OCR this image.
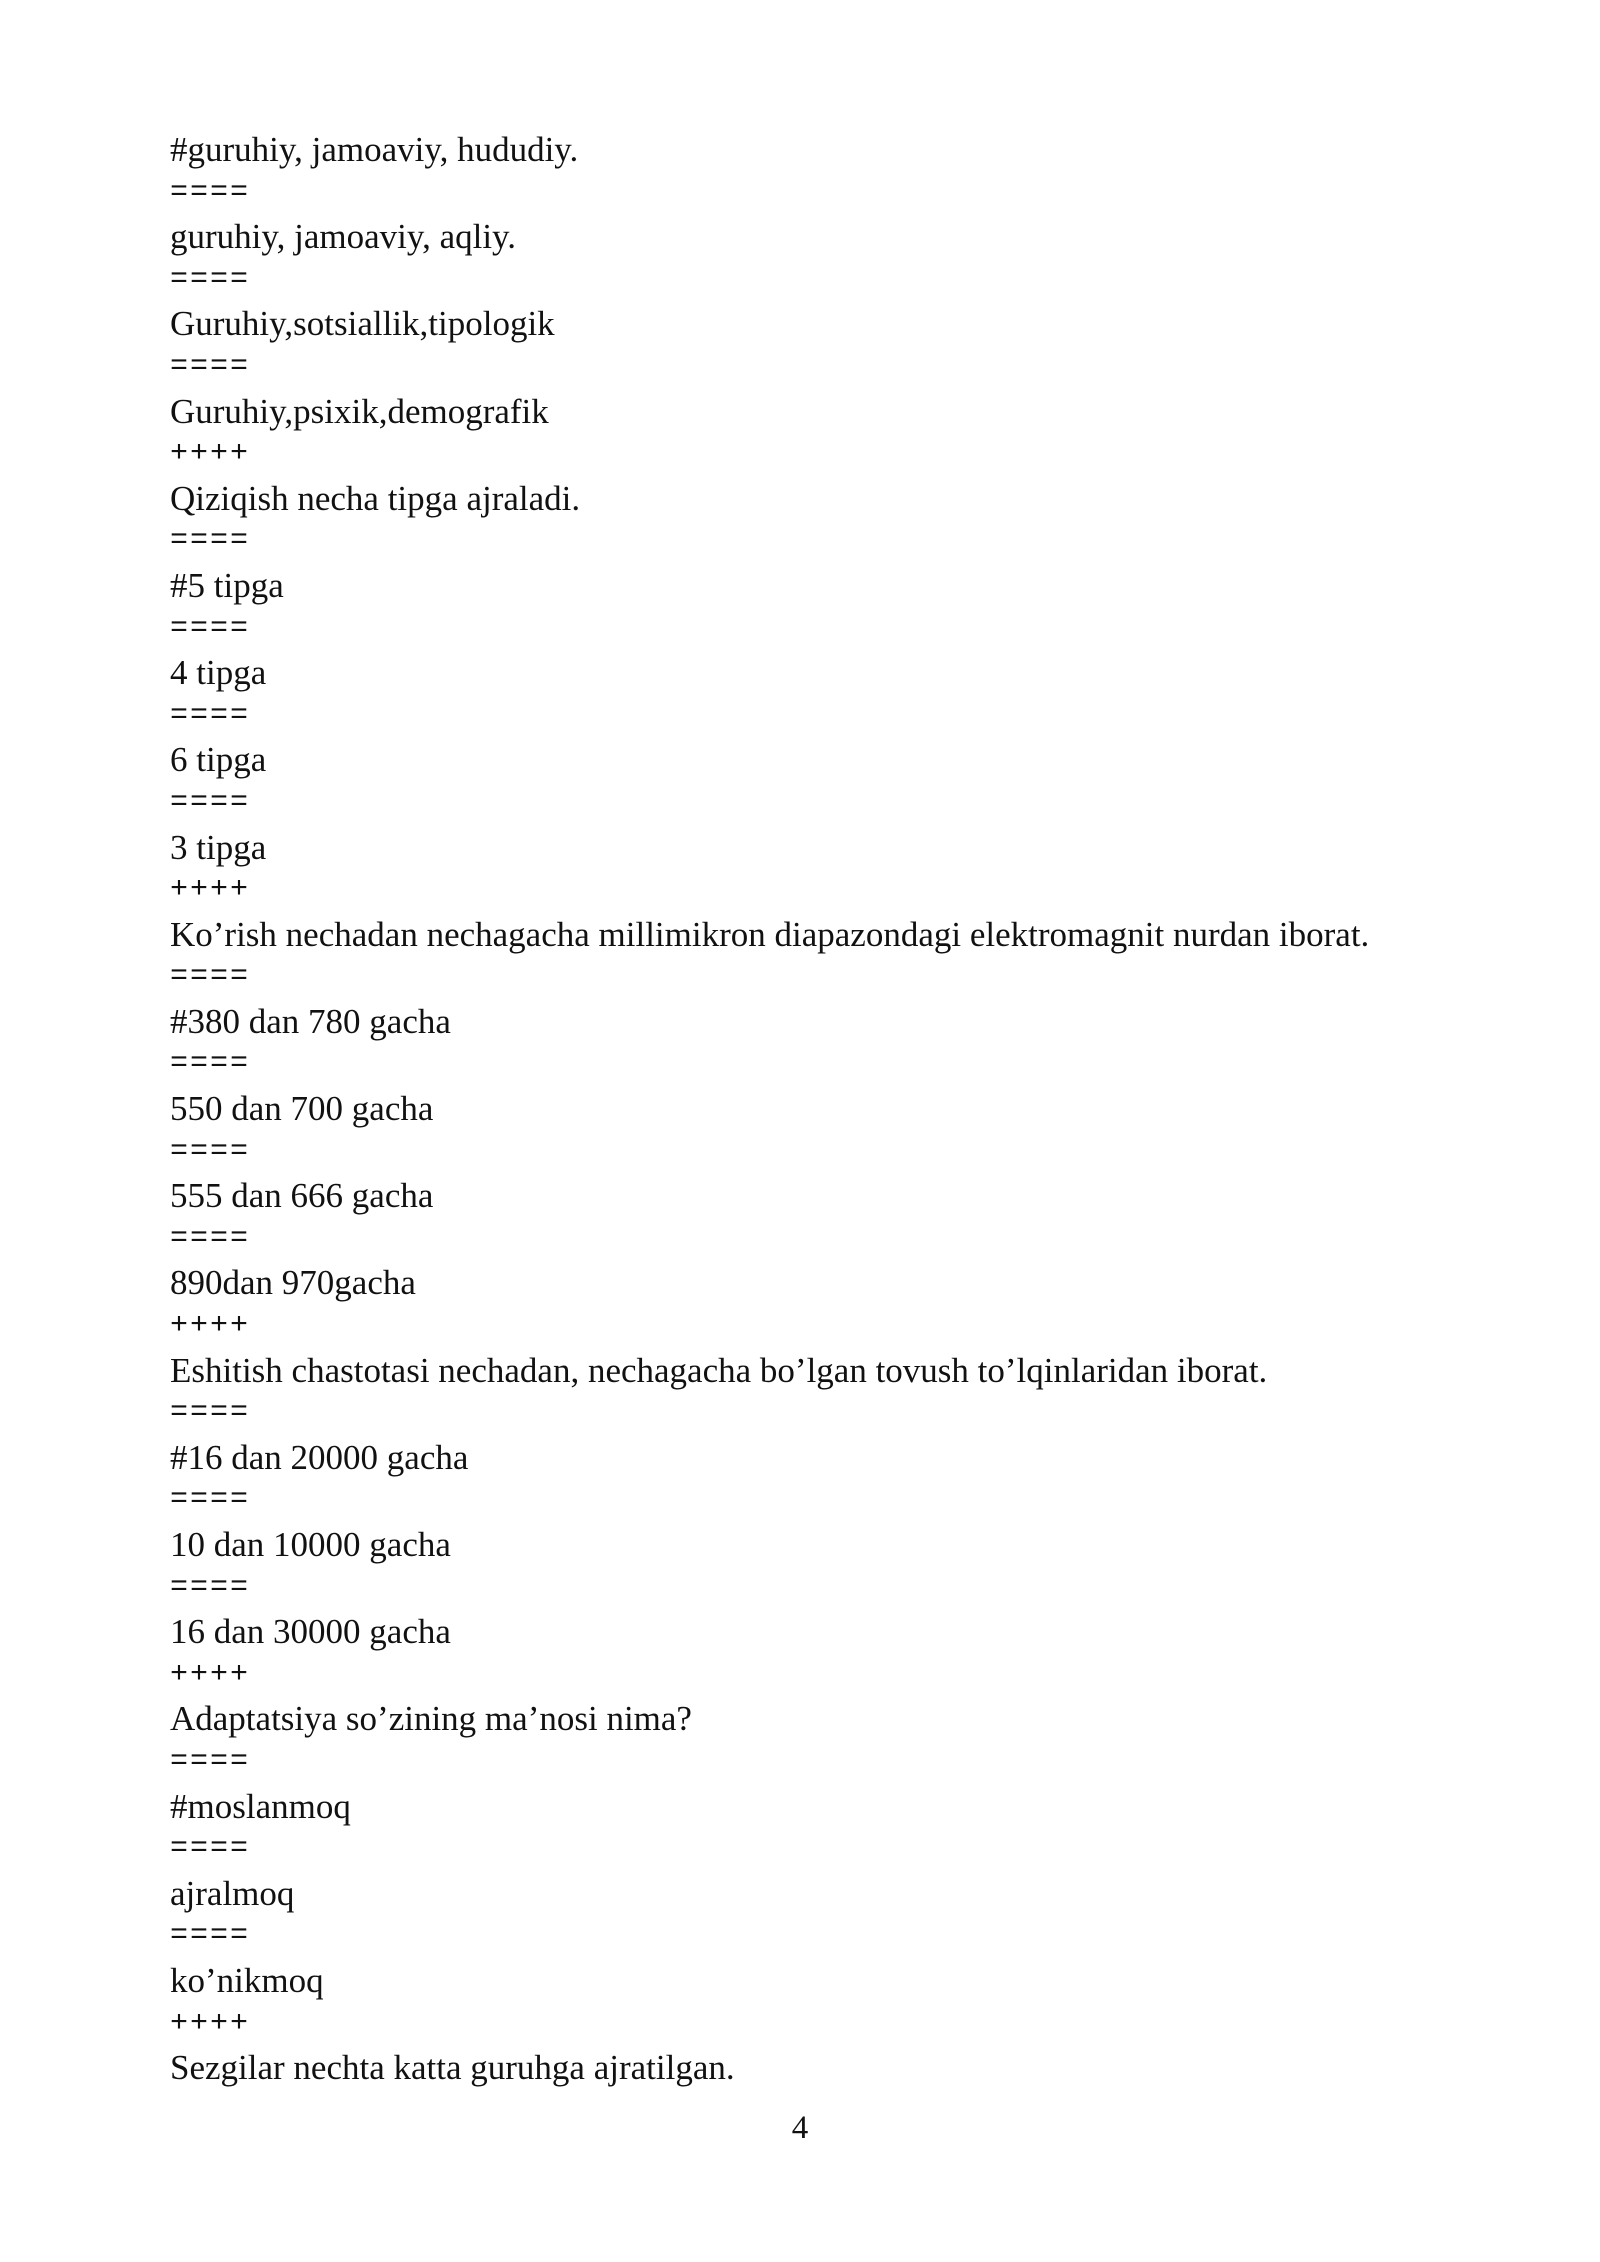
#guruhiy, jamoaviy, hududiy.
====
guruhiy, jamoaviy, aqliy.
====
Guruhiy,sotsiallik,tipologik
====
Guruhiy,psixik,demografik
++++
Qiziqish necha tipga ajraladi.
====
#5 tipga
====
4 tipga
====
6 tipga
====
3 tipga
++++
Ko’rish nechadan nechagacha millimikron diapazondagi elektromagnit nurdan iborat.
====
#380 dan 780 gacha
====
550 dan 700 gacha
====
555 dan 666 gacha
====
890dan 970gacha
++++
Eshitish chastotasi nechadan, nechagacha bo’lgan tovush to’lqinlaridan iborat.
====
#16 dan 20000 gacha
====
10 dan 10000 gacha
====
16 dan 30000 gacha
++++
Adaptatsiya so’zining ma’nosi nima?
====
#moslanmoq
====
ajralmoq
====
ko’nikmoq
++++
Sezgilar nechta katta guruhga ajratilgan.
4
